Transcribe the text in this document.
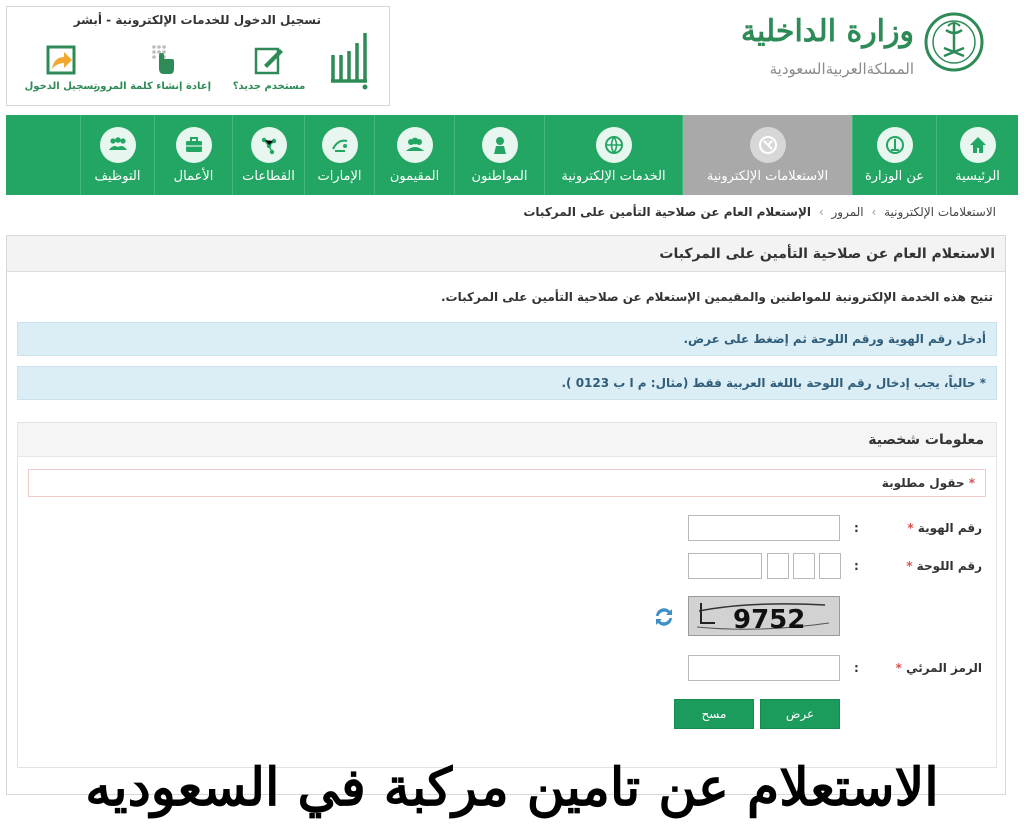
وزارة الداخلية
المملكةالعربيةالسعودية
تسجيل الدخول للخدمات الإلكترونية - أبشر
مستخدم جديد؟
إعادة إنشاء كلمة المرور
تسجيل الدخول
الرئيسية
عن الوزارة
الاستعلامات الإلكترونية
الخدمات الإلكترونية
المواطنون
المقيمون
الإمارات
القطاعات
الأعمال
التوظيف
الاستعلامات الإلكترونية › المرور › الإستعلام العام عن صلاحية التأمين على المركبات
الاستعلام العام عن صلاحية التأمين على المركبات
تتيح هذه الخدمة الإلكترونية للمواطنين والمقيمين الإستعلام عن صلاحية التأمين على المركبات.
أدخل رقم الهوية ورقم اللوحة ثم إضغط على عرض.
* حالياً، يجب إدخال رقم اللوحة باللغة العربية فقط (مثال: م ا ب 0123 ).
معلومات شخصية
* حقول مطلوبة
رقم الهوية *
:
رقم اللوحة *
:
9752
الرمز المرئي *
:
عرض
مسح
الاستعلام عن تامين مركبة في السعوديه
